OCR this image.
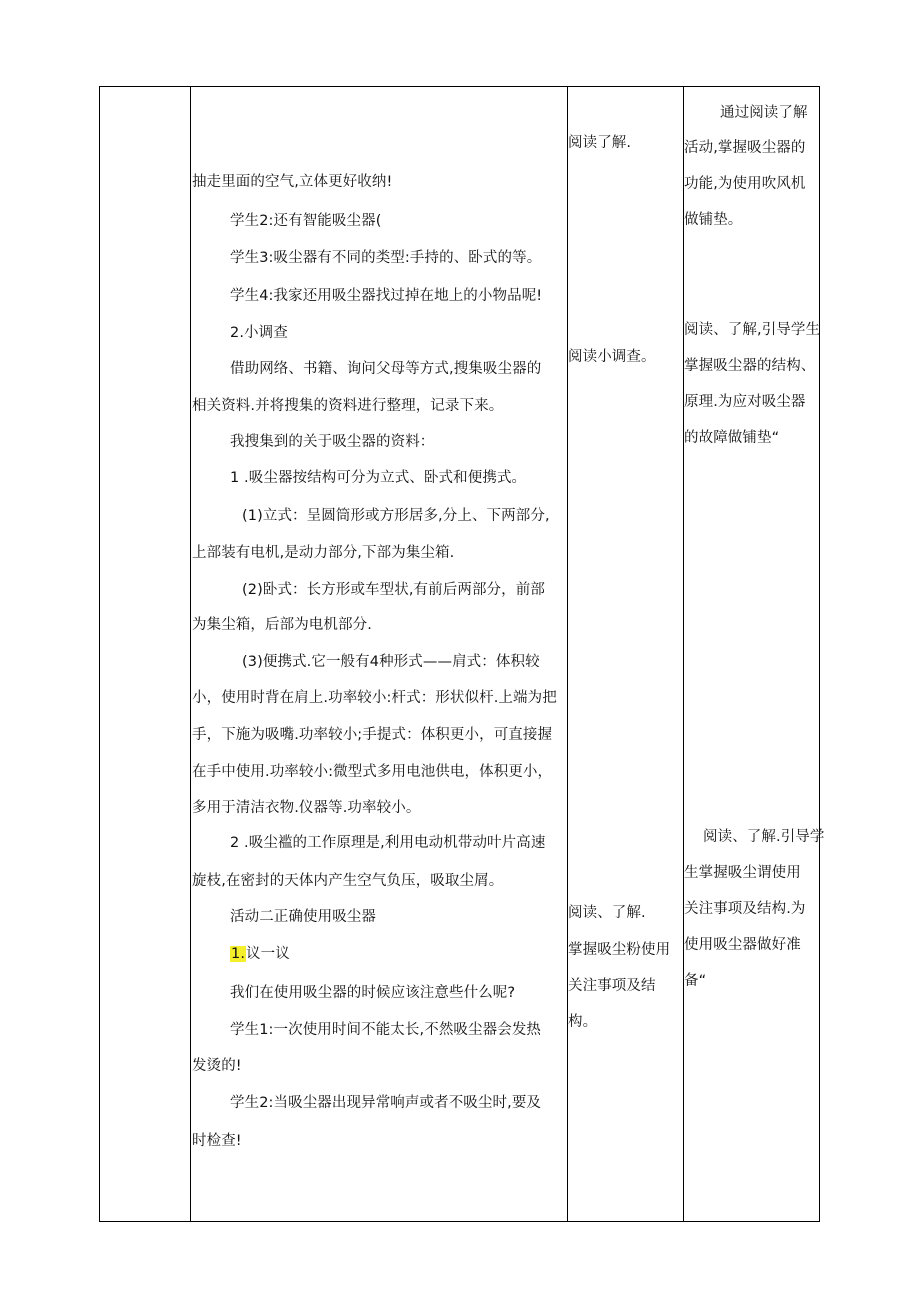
抽走里面的空气,立体更好收纳!
学生2:还有智能吸尘器(
学生3:吸尘器有不同的类型:手持的、卧式的等。
学生4:我家还用吸尘器找过掉在地上的小物品呢!
2.小调查
借助网络、书籍、询问父母等方式,搜集吸尘器的
相关资料.并将搜集的资料进行整理，记录下来。
我搜集到的关于吸尘器的资料：
1 .吸尘器按结构可分为立式、卧式和便携式。
(1)立式：呈圆筒形或方形居多,分上、下两部分,
上部装有电机,是动力部分,下部为集尘箱.
(2)卧式：长方形或车型状,有前后两部分，前部
为集尘箱，后部为电机部分.
(3)便携式.它一般有4种形式——肩式：体积较
小，使用时背在肩上.功率较小:杆式：形状似杆.上端为把
手，下施为吸嘴.功率较小;手提式：体积更小，可直接握
在手中使用.功率较小:微型式多用电池供电，体积更小，
多用于清洁衣物.仪器等.功率较小。
2 .吸尘褴的工作原理是,利用电动机带动叶片高速
旋枝,在密封的天体内产生空气负压，吸取尘屑。
活动二正确使用吸尘器
1.议一议
我们在使用吸尘器的时候应该注意些什么呢?
学生1:一次使用时间不能太长,不然吸尘器会发热
发烫的!
学生2:当吸尘器出现异常响声或者不吸尘时,要及
时检查!
阅读了解.
阅读小调查。
阅读、了解.
掌握吸尘粉使用
关注事项及结
构。
通过阅读了解
活动,掌握吸尘器的
功能,为使用吹风机
做铺垫。
阅读、了解,引导学生
掌握吸尘器的结构、
原理.为应对吸尘器
的故障做铺垫“
阅读、了解.引导学
生掌握吸尘谓使用
关注事项及结构.为
使用吸尘器做好准
备“
